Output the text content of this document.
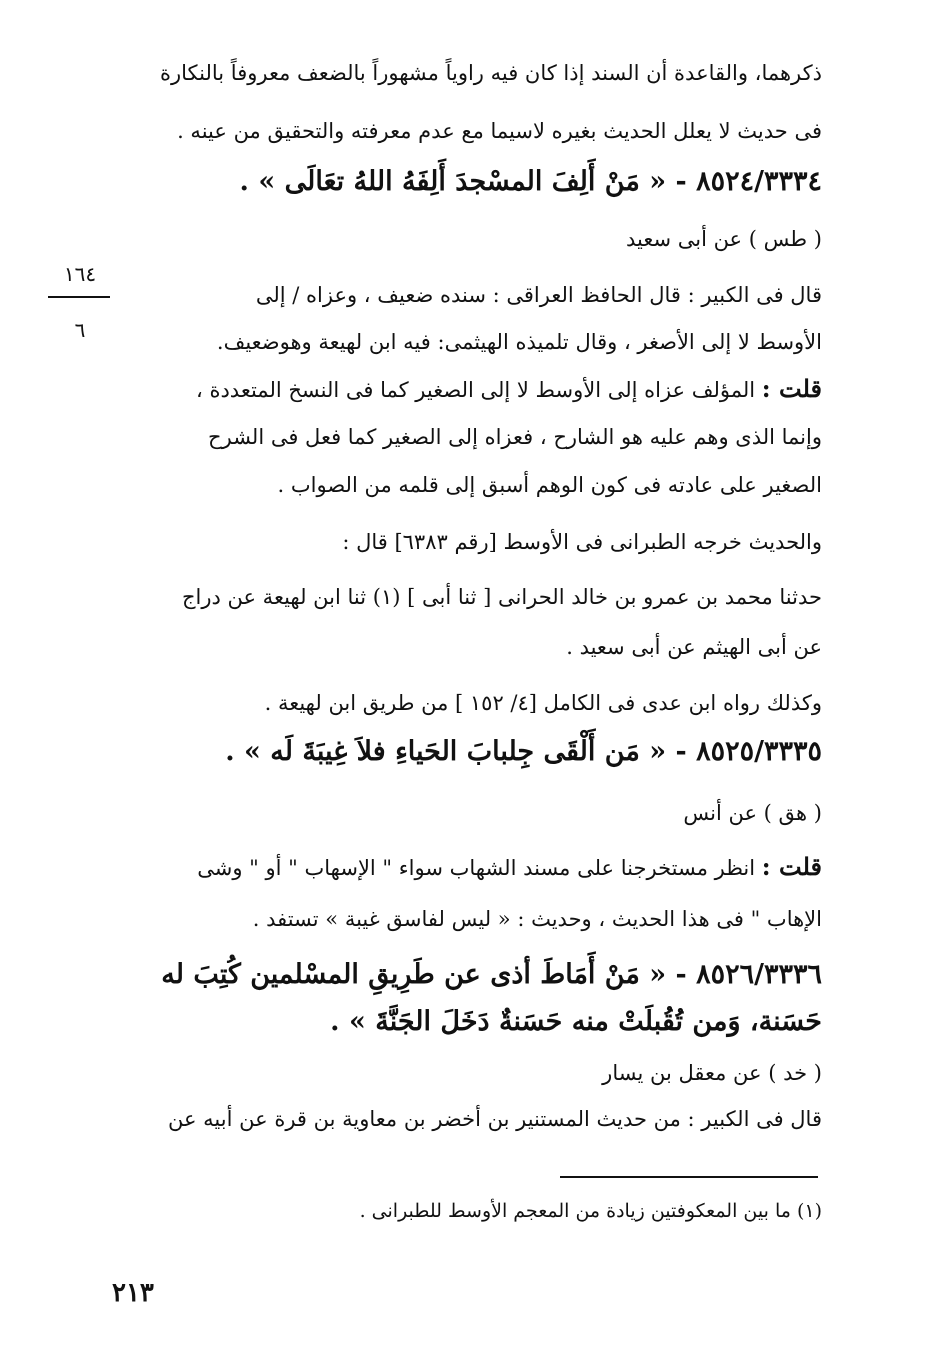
ذكرهما، والقاعدة أن السند إذا كان فيه راوياً مشهوراً بالضعف معروفاً بالنكارة
فى حديث لا يعلل الحديث بغيره لاسيما مع عدم معرفته والتحقيق من عينه .
٨٥٢٤/٣٣٣٤ - « مَنْ أَلِفَ المسْجدَ أَلِفَهُ اللهُ تعَالَى » .
( طس ) عن أبى سعيد
١٦٤
٦
قال فى الكبير : قال الحافظ العراقى : سنده ضعيف ، وعزاه / إلى
الأوسط لا إلى الأصغر ، وقال تلميذه الهيثمى: فيه ابن لهيعة وهوضعيف.
قلت : المؤلف عزاه إلى الأوسط لا إلى الصغير كما فى النسخ المتعددة ،
وإنما الذى وهم عليه هو الشارح ، فعزاه إلى الصغير كما فعل فى الشرح
الصغير على عادته فى كون الوهم أسبق إلى قلمه من الصواب .
والحديث خرجه الطبرانى فى الأوسط [رقم ٦٣٨٣] قال :
حدثنا محمد بن عمرو بن خالد الحرانى [ ثنا أبى ] (١) ثنا ابن لهيعة عن دراج
عن أبى الهيثم عن أبى سعيد .
وكذلك رواه ابن عدى فى الكامل [٤/ ١٥٢ ] من طريق ابن لهيعة .
٨٥٢٥/٣٣٣٥ - « مَن أَلْقَى جِلبابَ الحَياءِ فلاَ غِيبَةَ لَه » .
( هق ) عن أنس
قلت : انظر مستخرجنا على مسند الشهاب سواء " الإسهاب " أو " وشى
الإهاب " فى هذا الحديث ، وحديث : « ليس لفاسق غيبة » تستفد .
٨٥٢٦/٣٣٣٦ - « مَنْ أَمَاطَ أذى عن طَرِيقِ المسْلمين كُتِبَ له
حَسَنة، وَمن تُقُبلَتْ منه حَسَنةٌ دَخَلَ الجَنَّةَ » .
( خد ) عن معقل بن يسار
قال فى الكبير : من حديث المستنير بن أخضر بن معاوية بن قرة عن أبيه عن
(١) ما بين المعكوفتين زيادة من المعجم الأوسط للطبرانى .
٢١٣
